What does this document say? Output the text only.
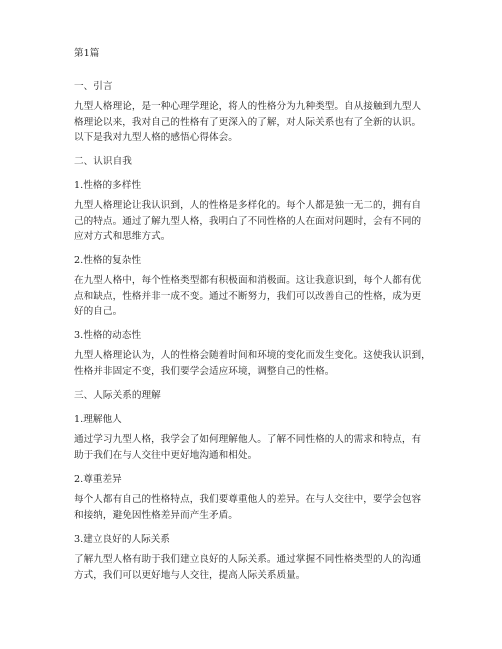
第1篇

一、引言

九型人格理论，是一种心理学理论，将人的性格分为九种类型。自从接触到九型人
格理论以来，我对自己的性格有了更深入的了解，对人际关系也有了全新的认识。
以下是我对九型人格的感悟心得体会。

二、认识自我

1.性格的多样性

九型人格理论让我认识到，人的性格是多样化的。每个人都是独一无二的，拥有自
己的特点。通过了解九型人格，我明白了不同性格的人在面对问题时，会有不同的
应对方式和思维方式。

2.性格的复杂性

在九型人格中，每个性格类型都有积极面和消极面。这让我意识到，每个人都有优
点和缺点，性格并非一成不变。通过不断努力，我们可以改善自己的性格，成为更
好的自己。

3.性格的动态性

九型人格理论认为，人的性格会随着时间和环境的变化而发生变化。这使我认识到，
性格并非固定不变，我们要学会适应环境，调整自己的性格。

三、人际关系的理解

1.理解他人

通过学习九型人格，我学会了如何理解他人。了解不同性格的人的需求和特点，有
助于我们在与人交往中更好地沟通和相处。

2.尊重差异

每个人都有自己的性格特点，我们要尊重他人的差异。在与人交往中，要学会包容
和接纳，避免因性格差异而产生矛盾。

3.建立良好的人际关系

了解九型人格有助于我们建立良好的人际关系。通过掌握不同性格类型的人的沟通
方式，我们可以更好地与人交往，提高人际关系质量。
